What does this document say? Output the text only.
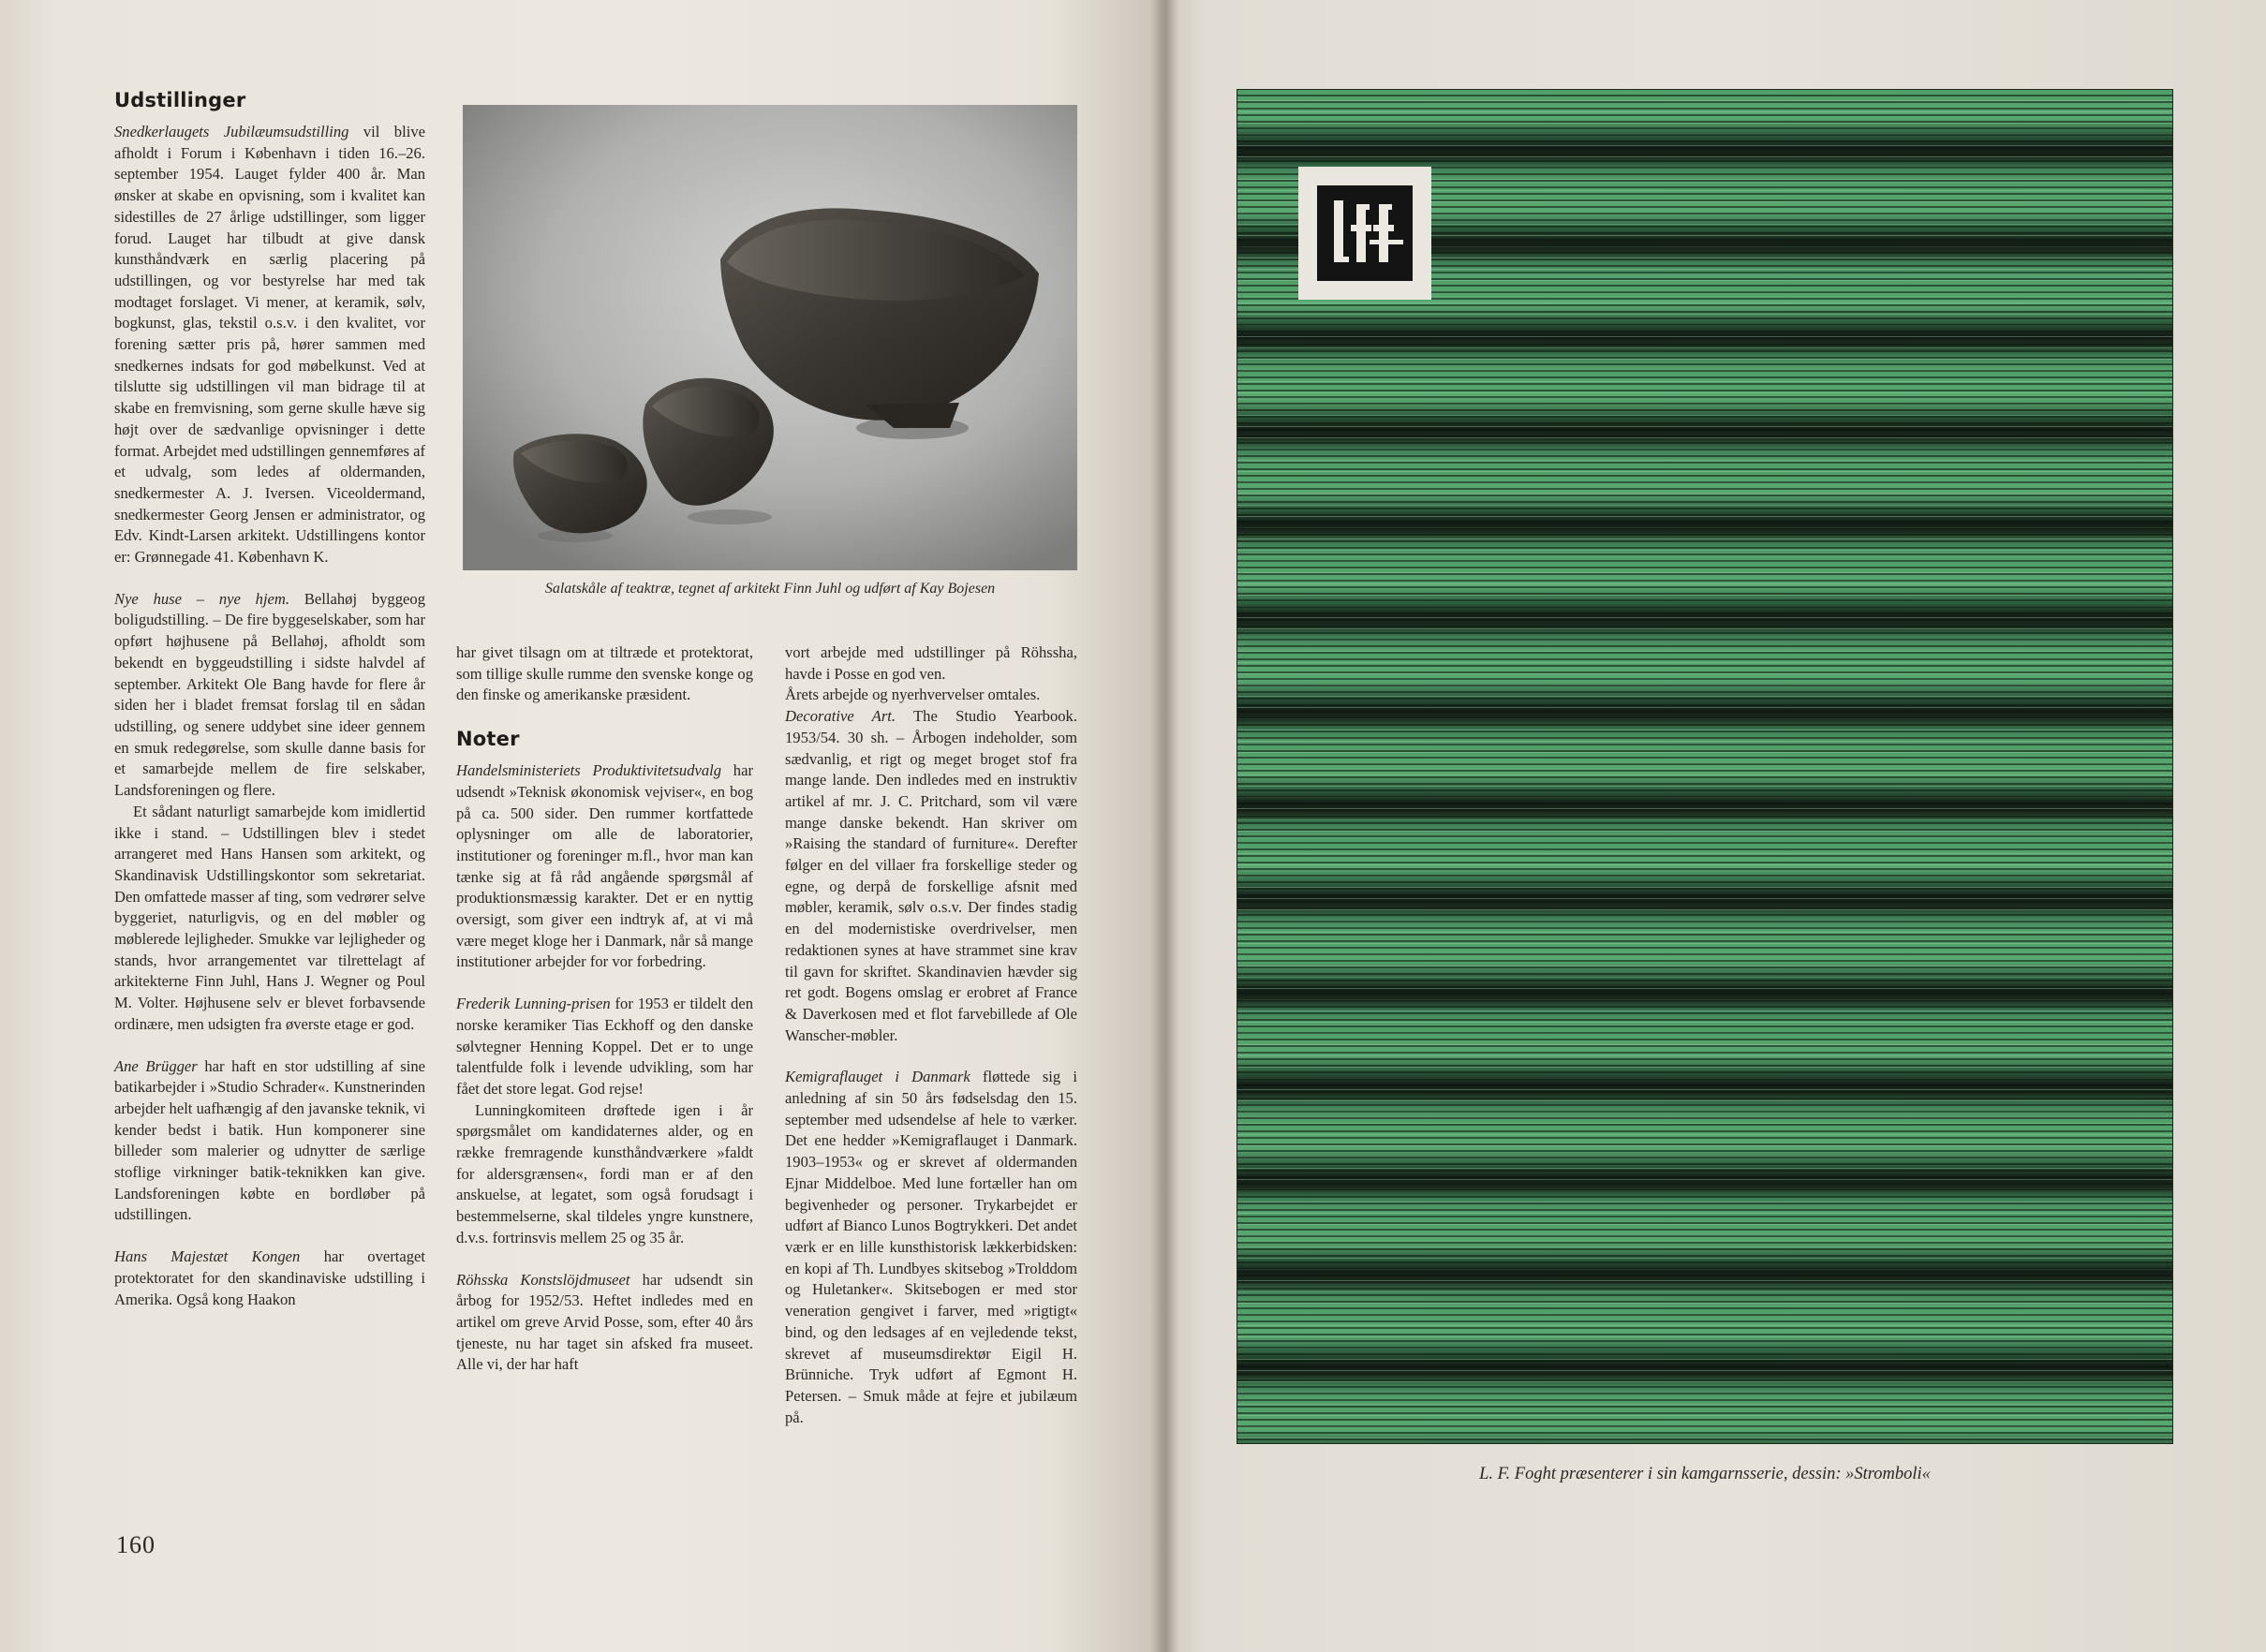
Udstillinger

Snedkerlaugets Jubilæumsudstilling vil blive afholdt i Forum i København i tiden 16.–26. september 1954. Lauget fylder 400 år. Man ønsker at skabe en opvisning, som i kvalitet kan sidestilles de 27 årlige udstillinger, som ligger forud. Lauget har tilbudt at give dansk kunsthåndværk en særlig placering på udstillingen, og vor bestyrelse har med tak modtaget forslaget. Vi mener, at keramik, sølv, bogkunst, glas, tekstil o.s.v. i den kvalitet, vor forening sætter pris på, hører sammen med snedkernes indsats for god møbelkunst. Ved at tilslutte sig udstillingen vil man bidrage til at skabe en fremvisning, som gerne skulle hæve sig højt over de sædvanlige opvisninger i dette format. Arbejdet med udstillingen gennemføres af et udvalg, som ledes af oldermanden, snedkermester A. J. Iversen. Viceoldermand, snedkermester Georg Jensen er administrator, og Edv. Kindt-Larsen arkitekt. Udstillingens kontor er: Grønnegade 41. København K.

Nye huse – nye hjem. Bellahøj byggeog boligudstilling. – De fire byggeselskaber, som har opført højhusene på Bellahøj, afholdt som bekendt en byggeudstilling i sidste halvdel af september. Arkitekt Ole Bang havde for flere år siden her i bladet fremsat forslag til en sådan udstilling, og senere uddybet sine ideer gennem en smuk redegørelse, som skulle danne basis for et samarbejde mellem de fire selskaber, Landsforeningen og flere.

Et sådant naturligt samarbejde kom imidlertid ikke i stand. – Udstillingen blev i stedet arrangeret med Hans Hansen som arkitekt, og Skandinavisk Udstillingskontor som sekretariat. Den omfattede masser af ting, som vedrører selve byggeriet, naturligvis, og en del møbler og møblerede lejligheder. Smukke var lejligheder og stands, hvor arrangementet var tilrettelagt af arkitekterne Finn Juhl, Hans J. Wegner og Poul M. Volter. Højhusene selv er blevet forbavsende ordinære, men udsigten fra øverste etage er god.

Ane Brügger har haft en stor udstilling af sine batikarbejder i »Studio Schrader«. Kunstnerinden arbejder helt uafhængig af den javanske teknik, vi kender bedst i batik. Hun komponerer sine billeder som malerier og udnytter de særlige stoflige virkninger batik-teknikken kan give. Landsforeningen købte en bordløber på udstillingen.

Hans Majestæt Kongen har overtaget protektoratet for den skandinaviske udstilling i Amerika. Også kong Haakon

Salatskåle af teaktræ, tegnet af arkitekt Finn Juhl og udført af Kay Bojesen

har givet tilsagn om at tiltræde et protektorat, som tillige skulle rumme den svenske konge og den finske og amerikanske præsident.

Noter

Handelsministeriets Produktivitetsudvalg har udsendt »Teknisk økonomisk vejviser«, en bog på ca. 500 sider. Den rummer kortfattede oplysninger om alle de laboratorier, institutioner og foreninger m.fl., hvor man kan tænke sig at få råd angående spørgsmål af produktionsmæssig karakter. Det er en nyttig oversigt, som giver een indtryk af, at vi må være meget kloge her i Danmark, når så mange institutioner arbejder for vor forbedring.

Frederik Lunning-prisen for 1953 er tildelt den norske keramiker Tias Eckhoff og den danske sølvtegner Henning Koppel. Det er to unge talentfulde folk i levende udvikling, som har fået det store legat. God rejse!

Lunningkomiteen drøftede igen i år spørgsmålet om kandidaternes alder, og en række fremragende kunsthåndværkere »faldt for aldersgrænsen«, fordi man er af den anskuelse, at legatet, som også forudsagt i bestemmelserne, skal tildeles yngre kunstnere, d.v.s. fortrinsvis mellem 25 og 35 år.

Röhsska Konstslöjdmuseet har udsendt sin årbog for 1952/53. Heftet indledes med en artikel om greve Arvid Posse, som, efter 40 års tjeneste, nu har taget sin afsked fra museet. Alle vi, der har haft

vort arbejde med udstillinger på Röhssha, havde i Posse en god ven.

Årets arbejde og nyerhvervelser omtales.

Decorative Art. The Studio Yearbook. 1953/54. 30 sh. – Årbogen indeholder, som sædvanlig, et rigt og meget broget stof fra mange lande. Den indledes med en instruktiv artikel af mr. J. C. Pritchard, som vil være mange danske bekendt. Han skriver om »Raising the standard of furniture«. Derefter følger en del villaer fra forskellige steder og egne, og derpå de forskellige afsnit med møbler, keramik, sølv o.s.v. Der findes stadig en del modernistiske overdrivelser, men redaktionen synes at have strammet sine krav til gavn for skriftet. Skandinavien hævder sig ret godt. Bogens omslag er erobret af France & Daverkosen med et flot farvebillede af Ole Wanscher-møbler.

Kemigraflauget i Danmark fløttede sig i anledning af sin 50 års fødselsdag den 15. september med udsendelse af hele to værker. Det ene hedder »Kemigraflauget i Danmark. 1903–1953« og er skrevet af oldermanden Ejnar Middelboe. Med lune fortæller han om begivenheder og personer. Trykarbejdet er udført af Bianco Lunos Bogtrykkeri. Det andet værk er en lille kunsthistorisk lækkerbidsken: en kopi af Th. Lundbyes skitsebog »Trolddom og Huletanker«. Skitsebogen er med stor veneration gengivet i farver, med »rigtigt« bind, og den ledsages af en vejledende tekst, skrevet af museumsdirektør Eigil H. Brünniche. Tryk udført af Egmont H. Petersen. – Smuk måde at fejre et jubilæum på.

160
L. F. Foght præsenterer i sin kamgarnsserie, dessin: »Stromboli«
